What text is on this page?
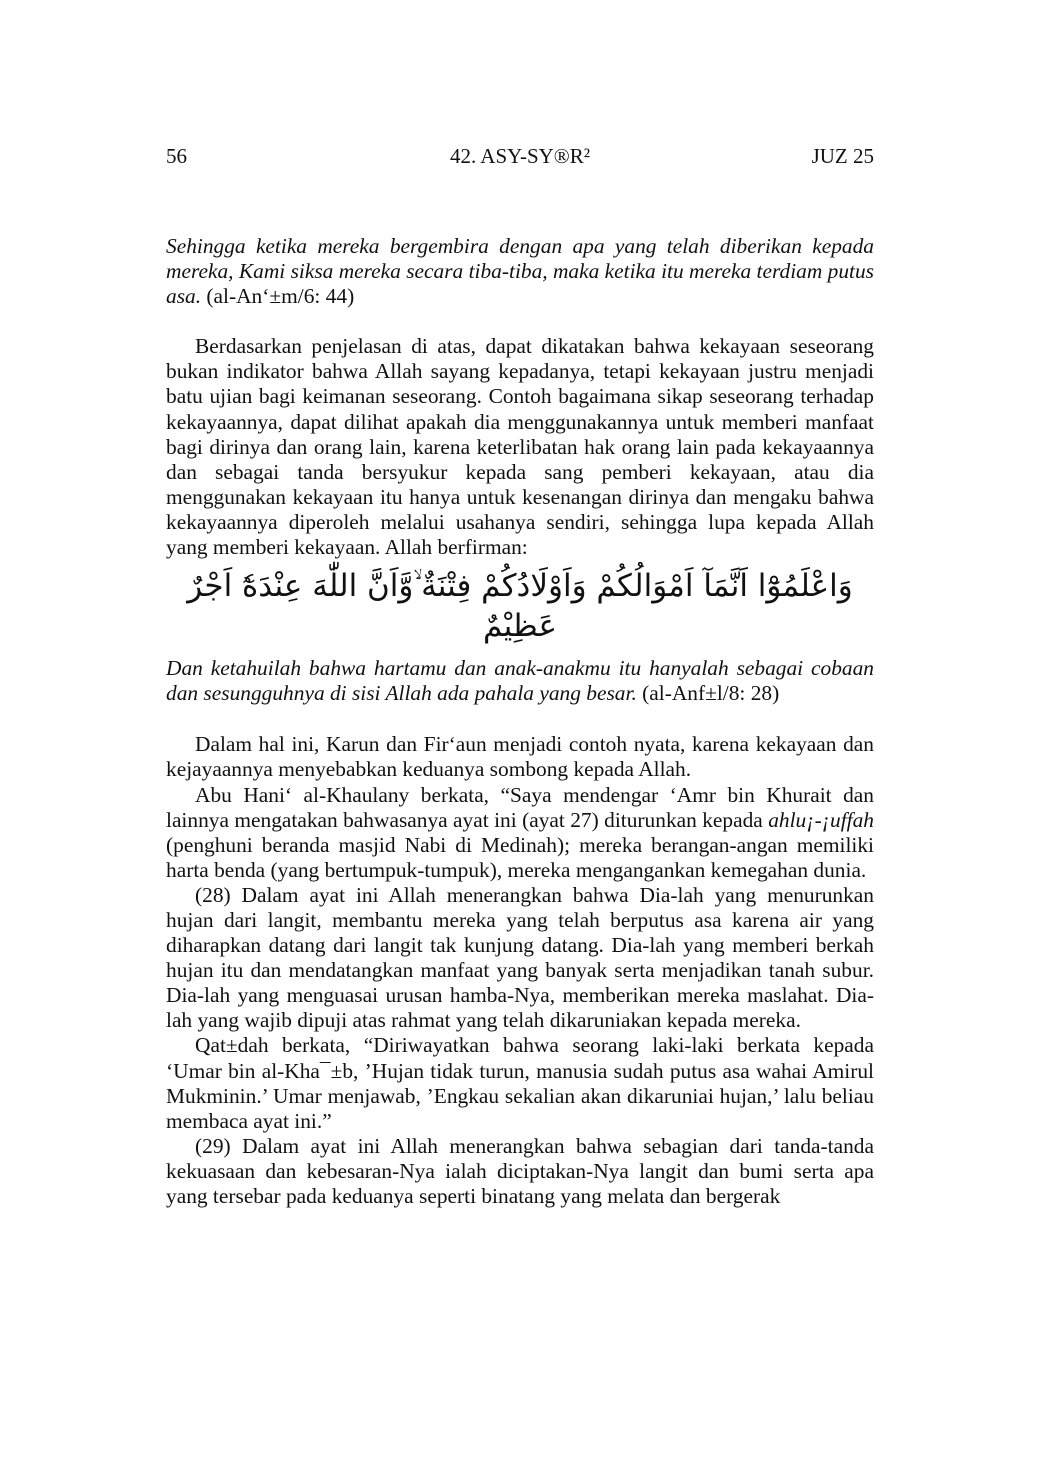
56	42. ASY-SY®R²	JUZ 25

Sehingga ketika mereka bergembira dengan apa yang telah diberikan kepada mereka, Kami siksa mereka secara tiba-tiba, maka ketika itu mereka terdiam putus asa. (al-An‘±m/6: 44)

Berdasarkan penjelasan di atas, dapat dikatakan bahwa kekayaan seseorang bukan indikator bahwa Allah sayang kepadanya, tetapi kekayaan justru menjadi batu ujian bagi keimanan seseorang. Contoh bagaimana sikap seseorang terhadap kekayaannya, dapat dilihat apakah dia menggunakannya untuk memberi manfaat bagi dirinya dan orang lain, karena keterlibatan hak orang lain pada kekayaannya dan sebagai tanda bersyukur kepada sang pemberi kekayaan, atau dia menggunakan kekayaan itu hanya untuk kesenangan dirinya dan mengaku bahwa kekayaannya diperoleh melalui usahanya sendiri, sehingga lupa kepada Allah yang memberi kekayaan. Allah berfirman:

وَاعْلَمُوْٓا اَنَّمَآ اَمْوَالُكُمْ وَاَوْلَادُكُمْ فِتْنَةٌ ۙوَّاَنَّ اللّٰهَ عِنْدَهٗٓ اَجْرٌ عَظِيْمٌ

Dan ketahuilah bahwa hartamu dan anak-anakmu itu hanyalah sebagai cobaan dan sesungguhnya di sisi Allah ada pahala yang besar. (al-Anf±l/8: 28)

Dalam hal ini, Karun dan Fir‘aun menjadi contoh nyata, karena kekayaan dan kejayaannya menyebabkan keduanya sombong kepada Allah.

Abu Hani‘ al-Khaulany berkata, “Saya mendengar ‘Amr bin Khurait dan lainnya mengatakan bahwasanya ayat ini (ayat 27) diturunkan kepada ahlu¡-¡uffah (penghuni beranda masjid Nabi di Medinah); mereka berangan-angan memiliki harta benda (yang bertumpuk-tumpuk), mereka mengangankan kemegahan dunia.

(28) Dalam ayat ini Allah menerangkan bahwa Dia-lah yang menurunkan hujan dari langit, membantu mereka yang telah berputus asa karena air yang diharapkan datang dari langit tak kunjung datang. Dia-lah yang memberi berkah hujan itu dan mendatangkan manfaat yang banyak serta menjadikan tanah subur. Dia-lah yang menguasai urusan hamba-Nya, memberikan mereka maslahat. Dia-lah yang wajib dipuji atas rahmat yang telah dikaruniakan kepada mereka.

Qat±dah berkata, “Diriwayatkan bahwa seorang laki-laki berkata kepada ‘Umar bin al-Kha¯±b, ’Hujan tidak turun, manusia sudah putus asa wahai Amirul Mukminin.’ Umar menjawab, ’Engkau sekalian akan dikaruniai hujan,’ lalu beliau membaca ayat ini.”

(29) Dalam ayat ini Allah menerangkan bahwa sebagian dari tanda-tanda kekuasaan dan kebesaran-Nya ialah diciptakan-Nya langit dan bumi serta apa yang tersebar pada keduanya seperti binatang yang melata dan bergerak
